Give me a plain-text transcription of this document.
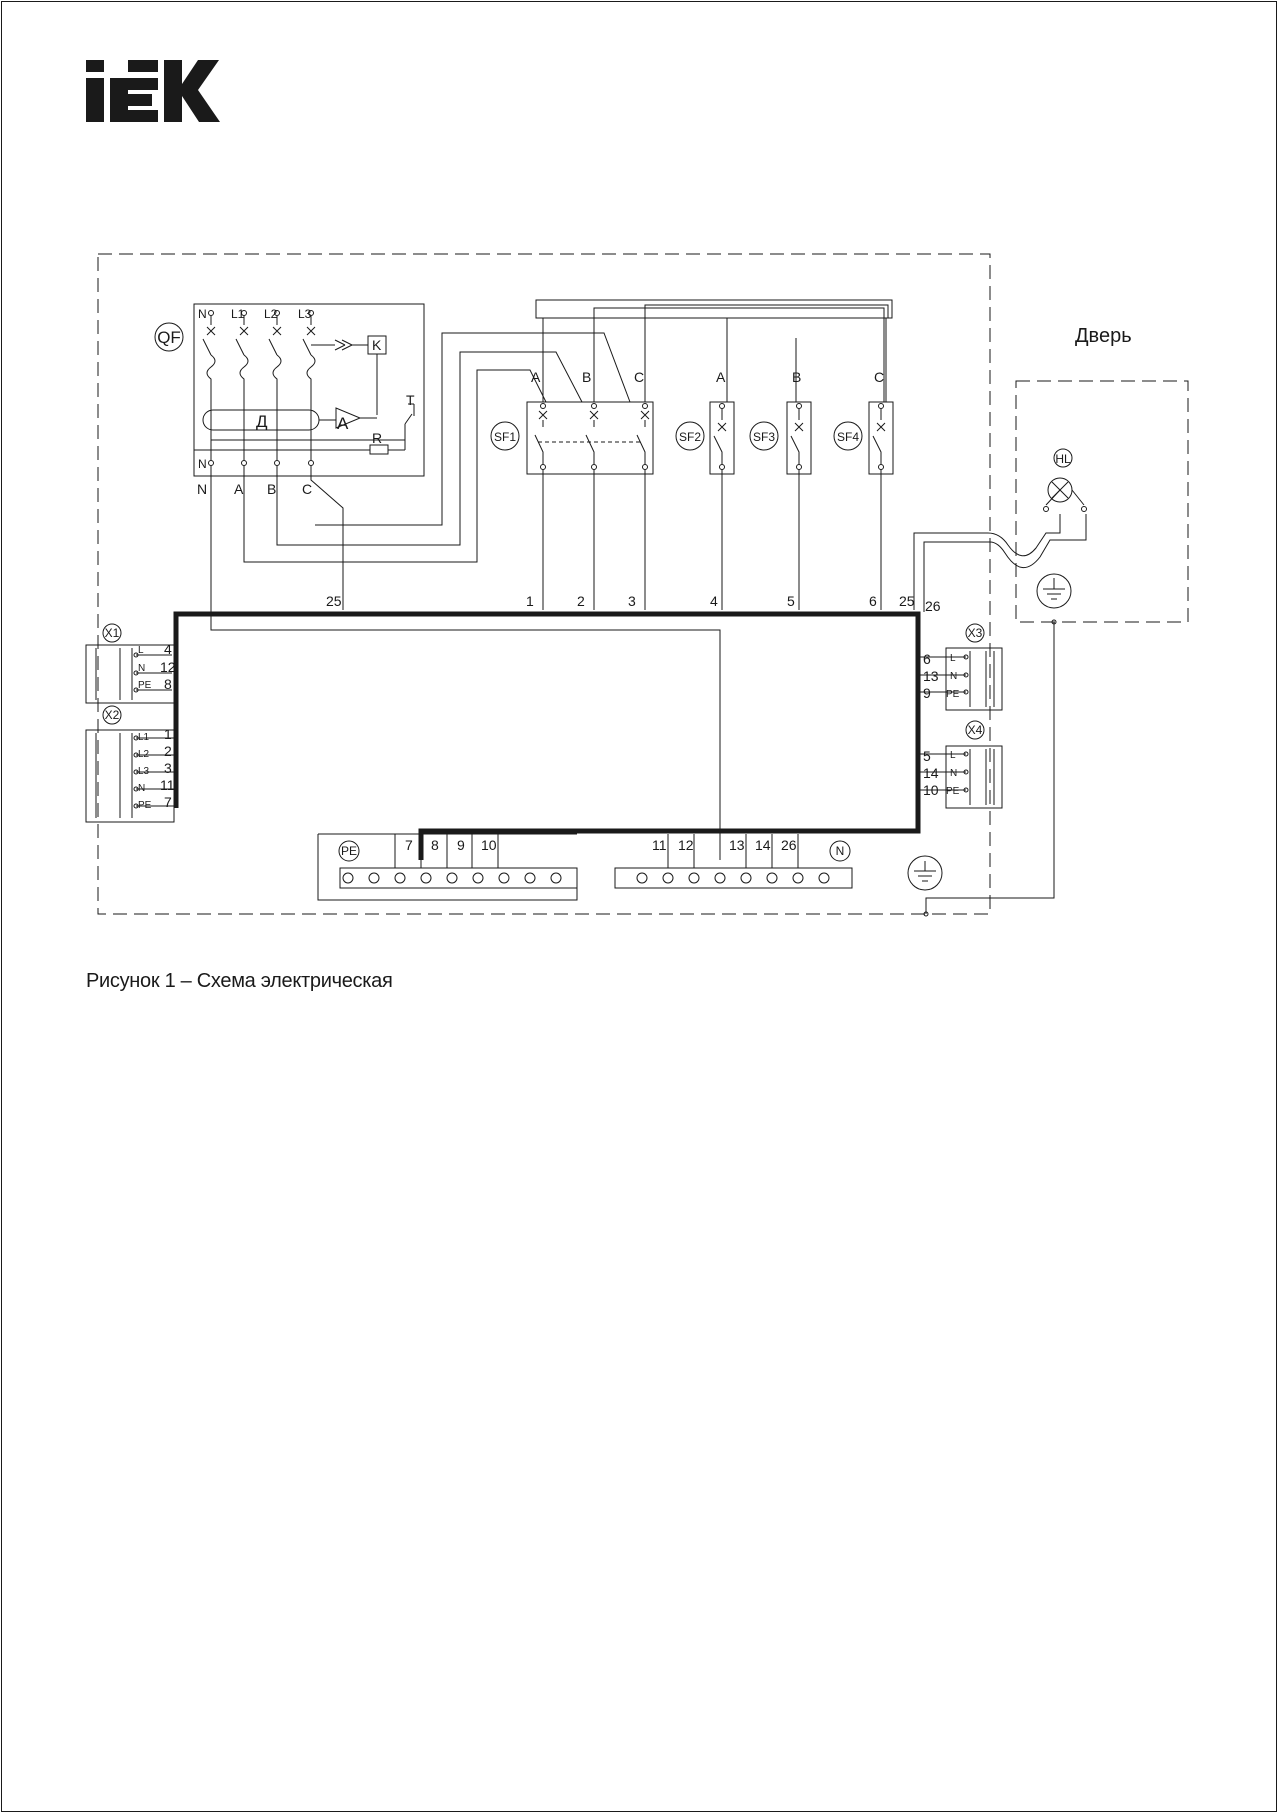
QF
N L1 L2 L3
Д	А
K
R
Т
N
N A B C
SF1
A	B	C
SF2
A
SF3
B
SF4
C
Дверь
HL
25	1	2	3	4	5	6 25 26
X1
L
N
PE
4
12
8
X2
L1
L2
L3
N
PE
1
2
3
11
7
X3
L
N
PE
6
13
9
X4
L
N
PE
5
14
10
PE	7 8 9 10	N
11 12	13 14 26
Рисунок 1 – Схема электрическая
